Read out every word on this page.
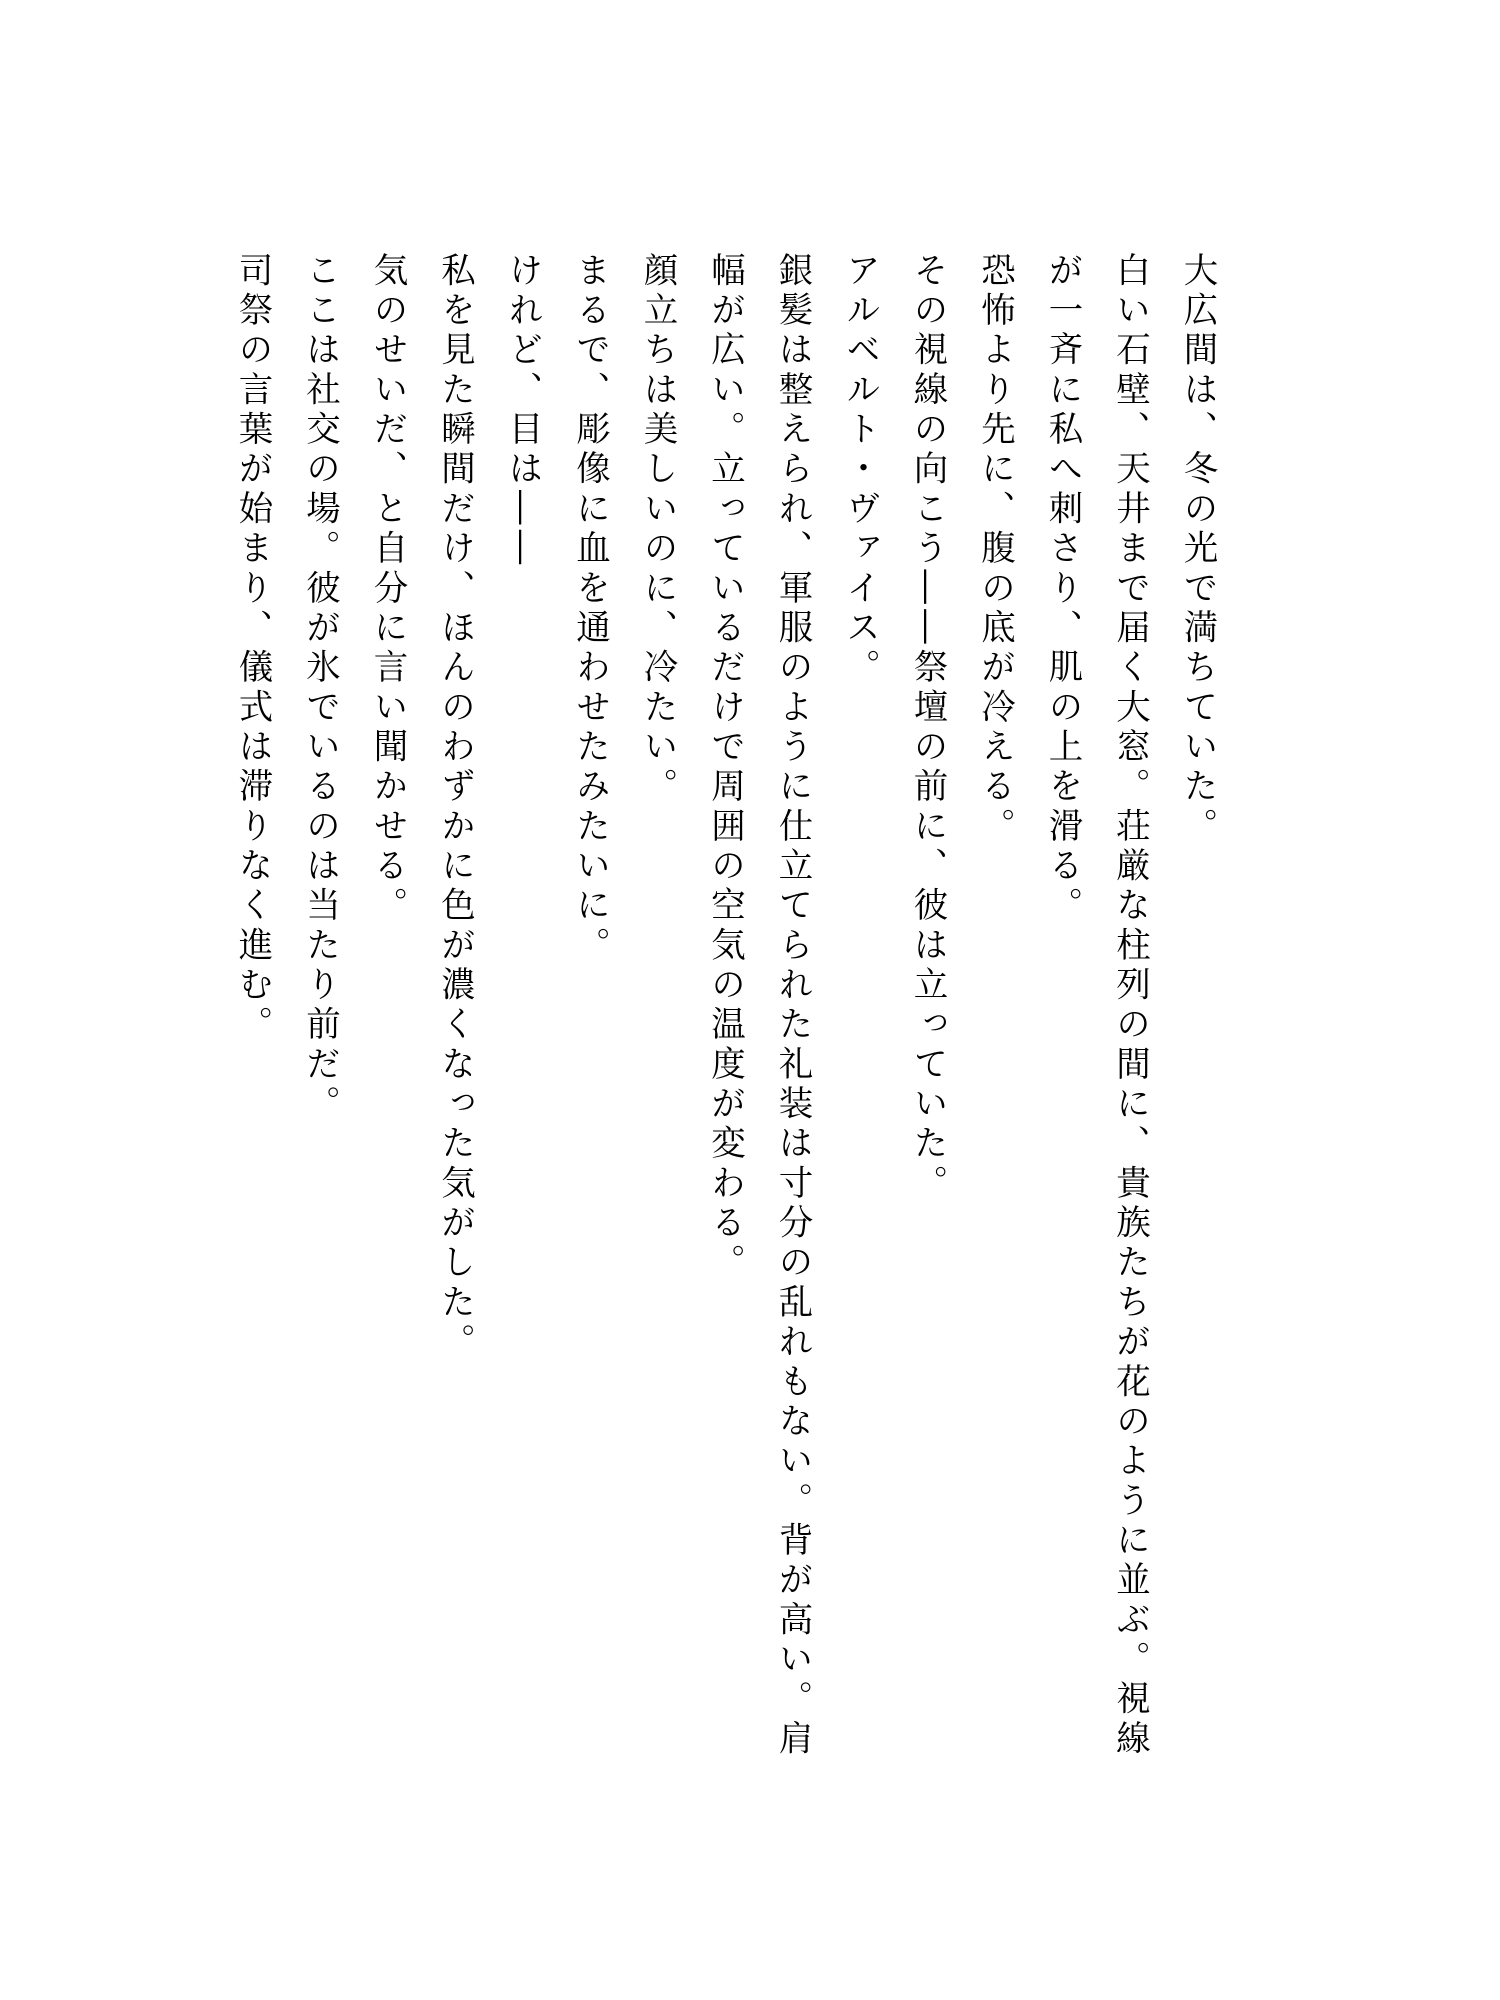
大広間は、冬の光で満ちていた。

白い石壁、天井まで届く大窓。荘厳な柱列の間に、貴族たちが花のように並ぶ。視線が一斉に私へ刺さり、肌の上を滑る。

恐怖より先に、腹の底が冷える。

その視線の向こう――祭壇の前に、彼は立っていた。

アルベルト・ヴァイス。

銀髪は整えられ、軍服のように仕立てられた礼装は寸分の乱れもない。背が高い。肩幅が広い。立っているだけで周囲の空気の温度が変わる。

顔立ちは美しいのに、冷たい。

まるで、彫像に血を通わせたみたいに。

けれど、目は――

私を見た瞬間だけ、ほんのわずかに色が濃くなった気がした。

気のせいだ、と自分に言い聞かせる。

ここは社交の場。彼が氷でいるのは当たり前だ。

司祭の言葉が始まり、儀式は滞りなく進む。
